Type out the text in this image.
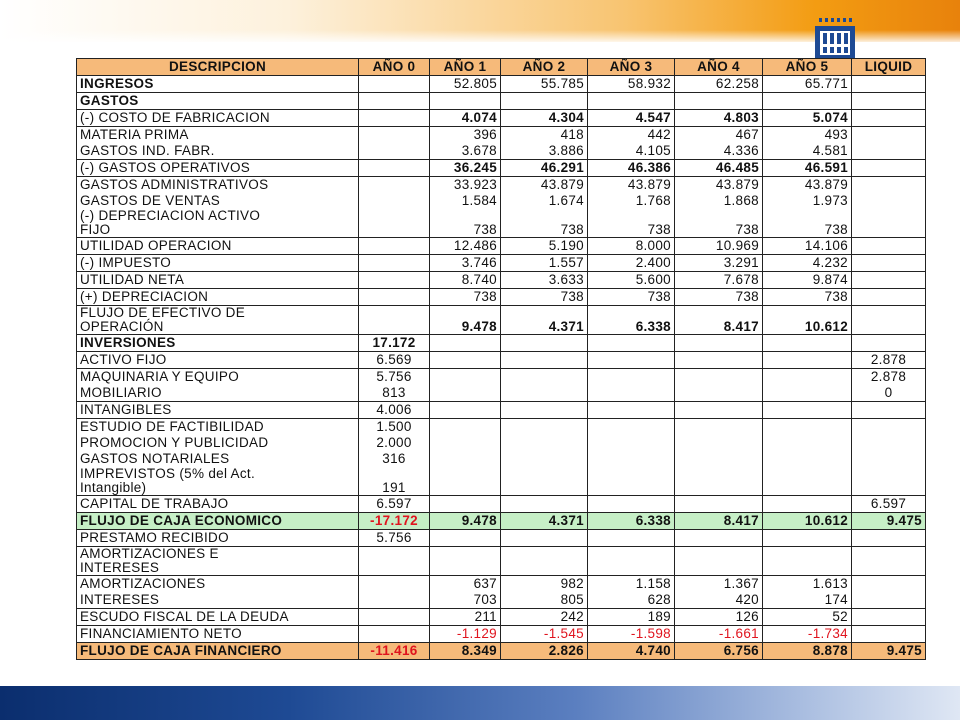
DESCRIPCION	AÑO 0	AÑO 1	AÑO 2	AÑO 3	AÑO 4	AÑO 5	LIQUID
INGRESOS		52.805	55.785	58.932	62.258	65.771	
GASTOS							
(-) COSTO DE FABRICACION		4.074	4.304	4.547	4.803	5.074	
MATERIA PRIMA		396	418	442	467	493	
GASTOS IND. FABR.		3.678	3.886	4.105	4.336	4.581	
(-) GASTOS OPERATIVOS		36.245	46.291	46.386	46.485	46.591	
GASTOS ADMINISTRATIVOS		33.923	43.879	43.879	43.879	43.879	
GASTOS DE VENTAS		1.584	1.674	1.768	1.868	1.973	
(-) DEPRECIACION ACTIVO
FIJO		738	738	738	738	738	
UTILIDAD OPERACION		12.486	5.190	8.000	10.969	14.106	
(-) IMPUESTO		3.746	1.557	2.400	3.291	4.232	
UTILIDAD NETA		8.740	3.633	5.600	7.678	9.874	
(+) DEPRECIACION		738	738	738	738	738	
FLUJO DE EFECTIVO DE
OPERACIÓN		9.478	4.371	6.338	8.417	10.612	
INVERSIONES	17.172						
ACTIVO FIJO	6.569						2.878
MAQUINARIA Y EQUIPO	5.756						2.878
MOBILIARIO	813						0
INTANGIBLES	4.006						
ESTUDIO DE FACTIBILIDAD	1.500						
PROMOCION Y PUBLICIDAD	2.000						
GASTOS NOTARIALES	316						
IMPREVISTOS (5% del Act.
Intangible)	191						
CAPITAL DE TRABAJO	6.597						6.597
FLUJO DE CAJA ECONOMICO	-17.172	9.478	4.371	6.338	8.417	10.612	9.475
PRESTAMO RECIBIDO	5.756						
AMORTIZACIONES E
INTERESES							
AMORTIZACIONES		637	982	1.158	1.367	1.613	
INTERESES		703	805	628	420	174	
ESCUDO FISCAL DE LA DEUDA		211	242	189	126	52	
FINANCIAMIENTO NETO		-1.129	-1.545	-1.598	-1.661	-1.734	
FLUJO DE CAJA FINANCIERO	-11.416	8.349	2.826	4.740	6.756	8.878	9.475
